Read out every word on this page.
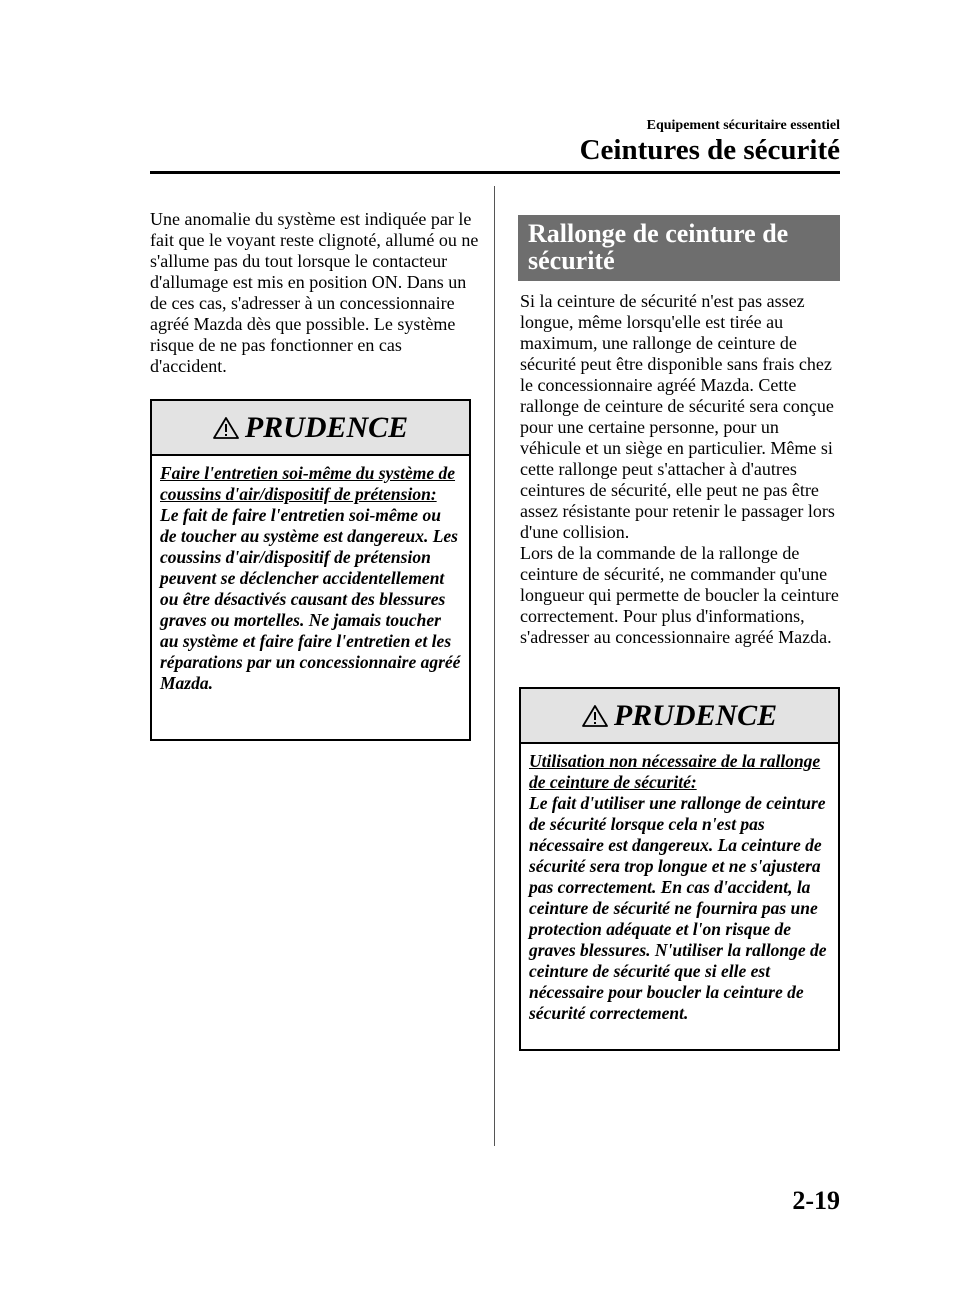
Equipement sécuritaire essentiel
Ceintures de sécurité

Une anomalie du système est indiquée par le fait que le voyant reste clignoté, allumé ou ne s'allume pas du tout lorsque le contacteur d'allumage est mis en position ON. Dans un de ces cas, s'adresser à un concessionnaire agréé Mazda dès que possible. Le système risque de ne pas fonctionner en cas d'accident.

PRUDENCE

Faire l'entretien soi-même du système de coussins d'air/dispositif de prétension:

Le fait de faire l'entretien soi-même ou de toucher au système est dangereux. Les coussins d'air/dispositif de prétension peuvent se déclencher accidentellement ou être désactivés causant des blessures graves ou mortelles. Ne jamais toucher au système et faire faire l'entretien et les réparations par un concessionnaire agréé Mazda.

Rallonge de ceinture de sécurité
Si la ceinture de sécurité n'est pas assez longue, même lorsqu'elle est tirée au maximum, une rallonge de ceinture de sécurité peut être disponible sans frais chez le concessionnaire agréé Mazda. Cette rallonge de ceinture de sécurité sera conçue pour une certaine personne, pour un véhicule et un siège en particulier. Même si cette rallonge peut s'attacher à d'autres ceintures de sécurité, elle peut ne pas être assez résistante pour retenir le passager lors d'une collision.
Lors de la commande de la rallonge de ceinture de sécurité, ne commander qu'une longueur qui permette de boucler la ceinture correctement. Pour plus d'informations, s'adresser au concessionnaire agréé Mazda.
PRUDENCE

Utilisation non nécessaire de la rallonge de ceinture de sécurité:

Le fait d'utiliser une rallonge de ceinture de sécurité lorsque cela n'est pas nécessaire est dangereux. La ceinture de sécurité sera trop longue et ne s'ajustera pas correctement. En cas d'accident, la ceinture de sécurité ne fournira pas une protection adéquate et l'on risque de graves blessures. N'utiliser la rallonge de ceinture de sécurité que si elle est nécessaire pour boucler la ceinture de sécurité correctement.

2-19
